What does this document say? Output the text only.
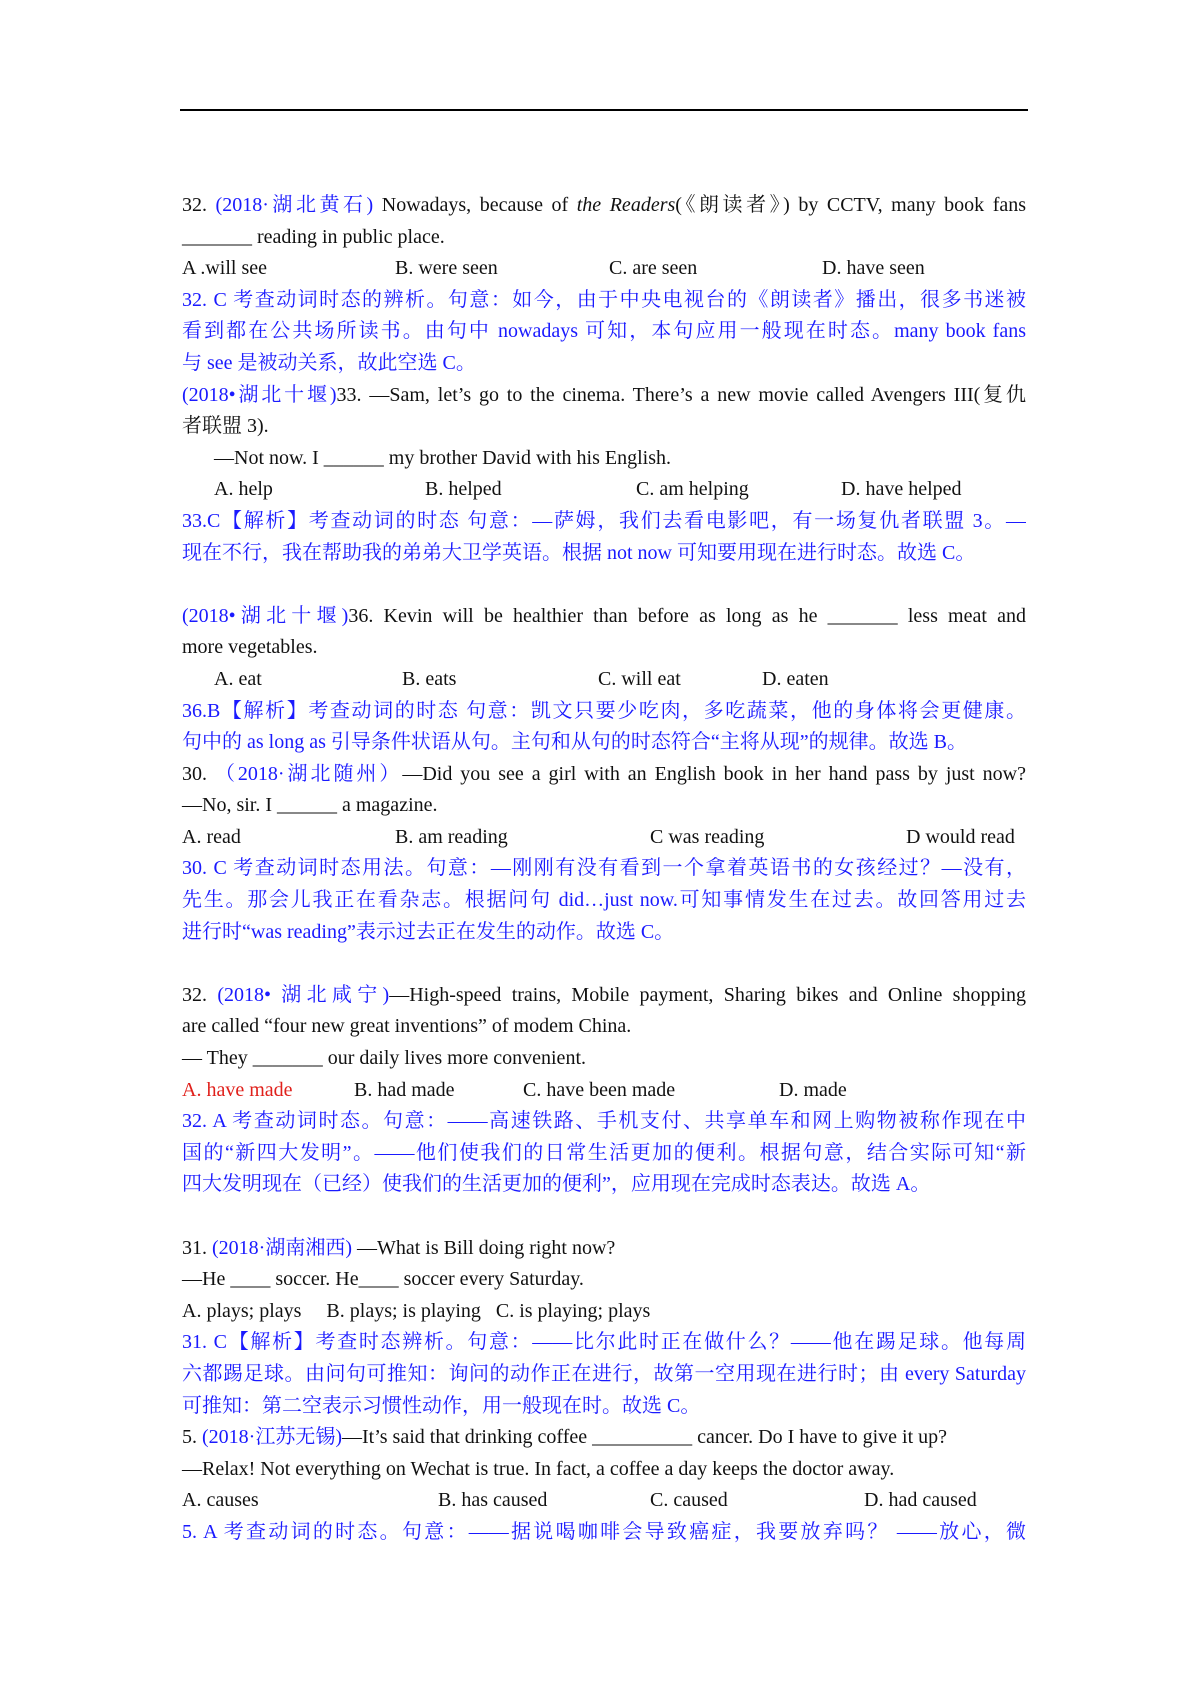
32. (2018·湖北黄石) Nowadays, because of the Readers(《朗读者》) by CCTV, many book fans
_______ reading in public place.
A .will see	B. were seen	C. are seen	D. have seen
32. C 考查动词时态的辨析。句意：如今，由于中央电视台的《朗读者》播出，很多书迷被
看到都在公共场所读书。由句中 nowadays 可知，本句应用一般现在时态。many book fans
与 see 是被动关系，故此空选 C。
(2018•湖北十堰)33. —Sam, let’s go to the cinema. There’s a new movie called Avengers III(复仇
者联盟 3).
—Not now. I ______ my brother David with his English.
A. help	B. helped	C. am helping	D. have helped
33.C【解析】考查动词的时态 句意：—萨姆，我们去看电影吧，有一场复仇者联盟 3。—
现在不行，我在帮助我的弟弟大卫学英语。根据 not now 可知要用现在进行时态。故选 C。
(2018•湖北十堰)36. Kevin will be healthier than before as long as he _______ less meat and
more vegetables.
A. eat	B. eats	C. will eat	D. eaten
36.B【解析】考查动词的时态 句意：凯文只要少吃肉，多吃蔬菜，他的身体将会更健康。
句中的 as long as 引导条件状语从句。主句和从句的时态符合“主将从现”的规律。故选 B。
30. （2018·湖北随州）—Did you see a girl with an English book in her hand pass by just now?
—No, sir. I ______ a magazine.
A. read	B. am reading	C was reading	D would read
30. C 考查动词时态用法。句意：—刚刚有没有看到一个拿着英语书的女孩经过？—没有，
先生。那会儿我正在看杂志。根据问句 did…just now.可知事情发生在过去。故回答用过去
进行时“was reading”表示过去正在发生的动作。故选 C。
32. (2018• 湖北咸宁)—High-speed trains, Mobile payment, Sharing bikes and Online shopping
are called “four new great inventions” of modem China.
— They _______ our daily lives more convenient.
A. have made	B. had made	C. have been made	D. made
32. A 考查动词时态。句意：——高速铁路、手机支付、共享单车和网上购物被称作现在中
国的“新四大发明”。——他们使我们的日常生活更加的便利。根据句意，结合实际可知“新
四大发明现在（已经）使我们的生活更加的便利”，应用现在完成时态表达。故选 A。
31. (2018·湖南湘西) —What is Bill doing right now?
—He ____ soccer. He____ soccer every Saturday.
A. plays; plays     B. plays; is playing   C. is playing; plays
31. C【解析】考查时态辨析。句意：——比尔此时正在做什么？——他在踢足球。他每周
六都踢足球。由问句可推知：询问的动作正在进行，故第一空用现在进行时；由 every Saturday
可推知：第二空表示习惯性动作，用一般现在时。故选 C。
5. (2018·江苏无锡)—It’s said that drinking coffee __________ cancer. Do I have to give it up?
—Relax! Not everything on Wechat is true. In fact, a coffee a day keeps the doctor away.
A. causes	B. has caused	C. caused	D. had caused
5. A 考查动词的时态。句意：——据说喝咖啡会导致癌症，我要放弃吗？ ——放心，微
